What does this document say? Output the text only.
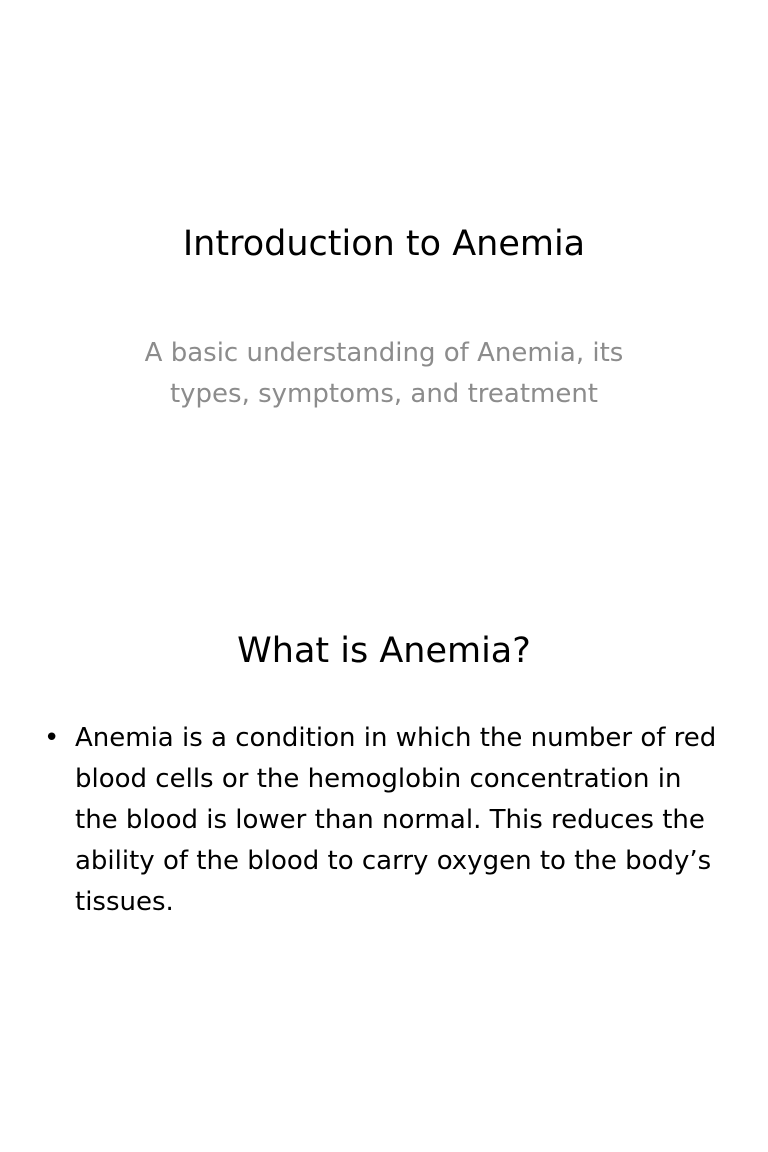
Introduction to Anemia

A basic understanding of Anemia, its types, symptoms, and treatment

What is Anemia?
• Anemia is a condition in which the number of red blood cells or the hemoglobin concentration in the blood is lower than normal. This reduces the ability of the blood to carry oxygen to the body’s tissues.
